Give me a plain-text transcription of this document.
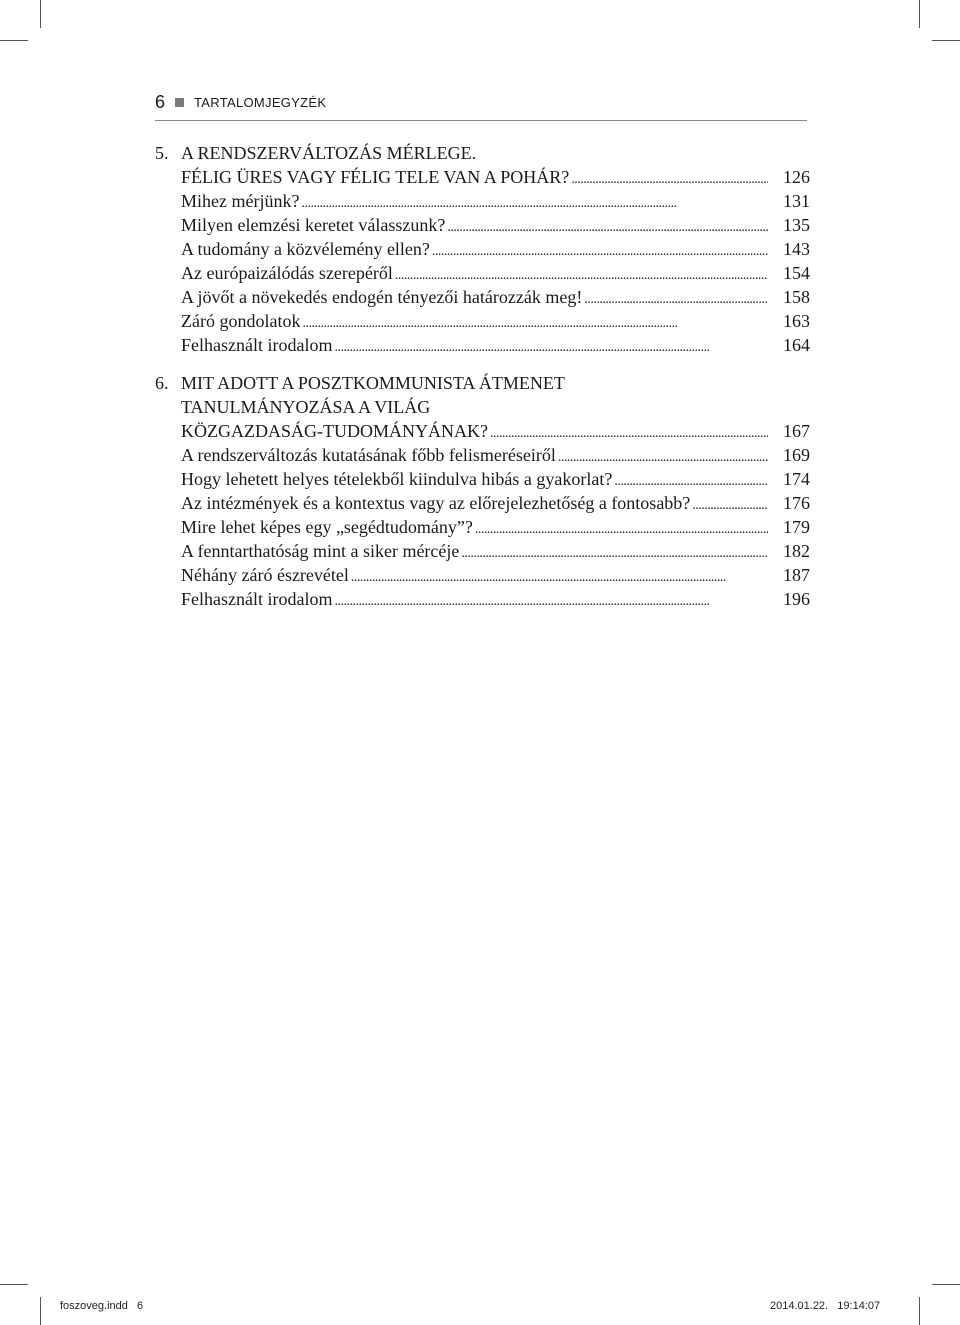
6 TARTALOMJEGYZÉK
5. A RENDSZERVÁLTOZÁS MÉRLEGE.
FÉLIG ÜRES VAGY FÉLIG TELE VAN A POHÁR? . . .	126
Mihez mérjünk? . . .	131
Milyen elemzési keretet válasszunk? . . .	135
A tudomány a közvélemény ellen? . . .	143
Az európaizálódás szerepéről . . .	154
A jövőt a növekedés endogén tényezői határozzák meg! . . .	158
Záró gondolatok . . .	163
Felhasznált irodalom . . .	164
6. MIT ADOTT A POSZTKOMMUNISTA ÁTMENET
TANULMÁNYOZÁSA A VILÁG
KÖZGAZDASÁG-TUDOMÁNYÁNAK? . . .	167
A rendszerváltozás kutatásának főbb felismeréseiről . . .	169
Hogy lehetett helyes tételekből kiindulva hibás a gyakorlat? . . .	174
Az intézmények és a kontextus vagy az előrejelezhetőség a fontosabb? . . .	176
Mire lehet képes egy „segédtudomány”? . . .	179
A fenntarthatóság mint a siker mércéje . . .	182
Néhány záró észrevétel . . .	187
Felhasznált irodalom . . .	196
foszoveg.indd   6	2014.01.22.   19:14:07
